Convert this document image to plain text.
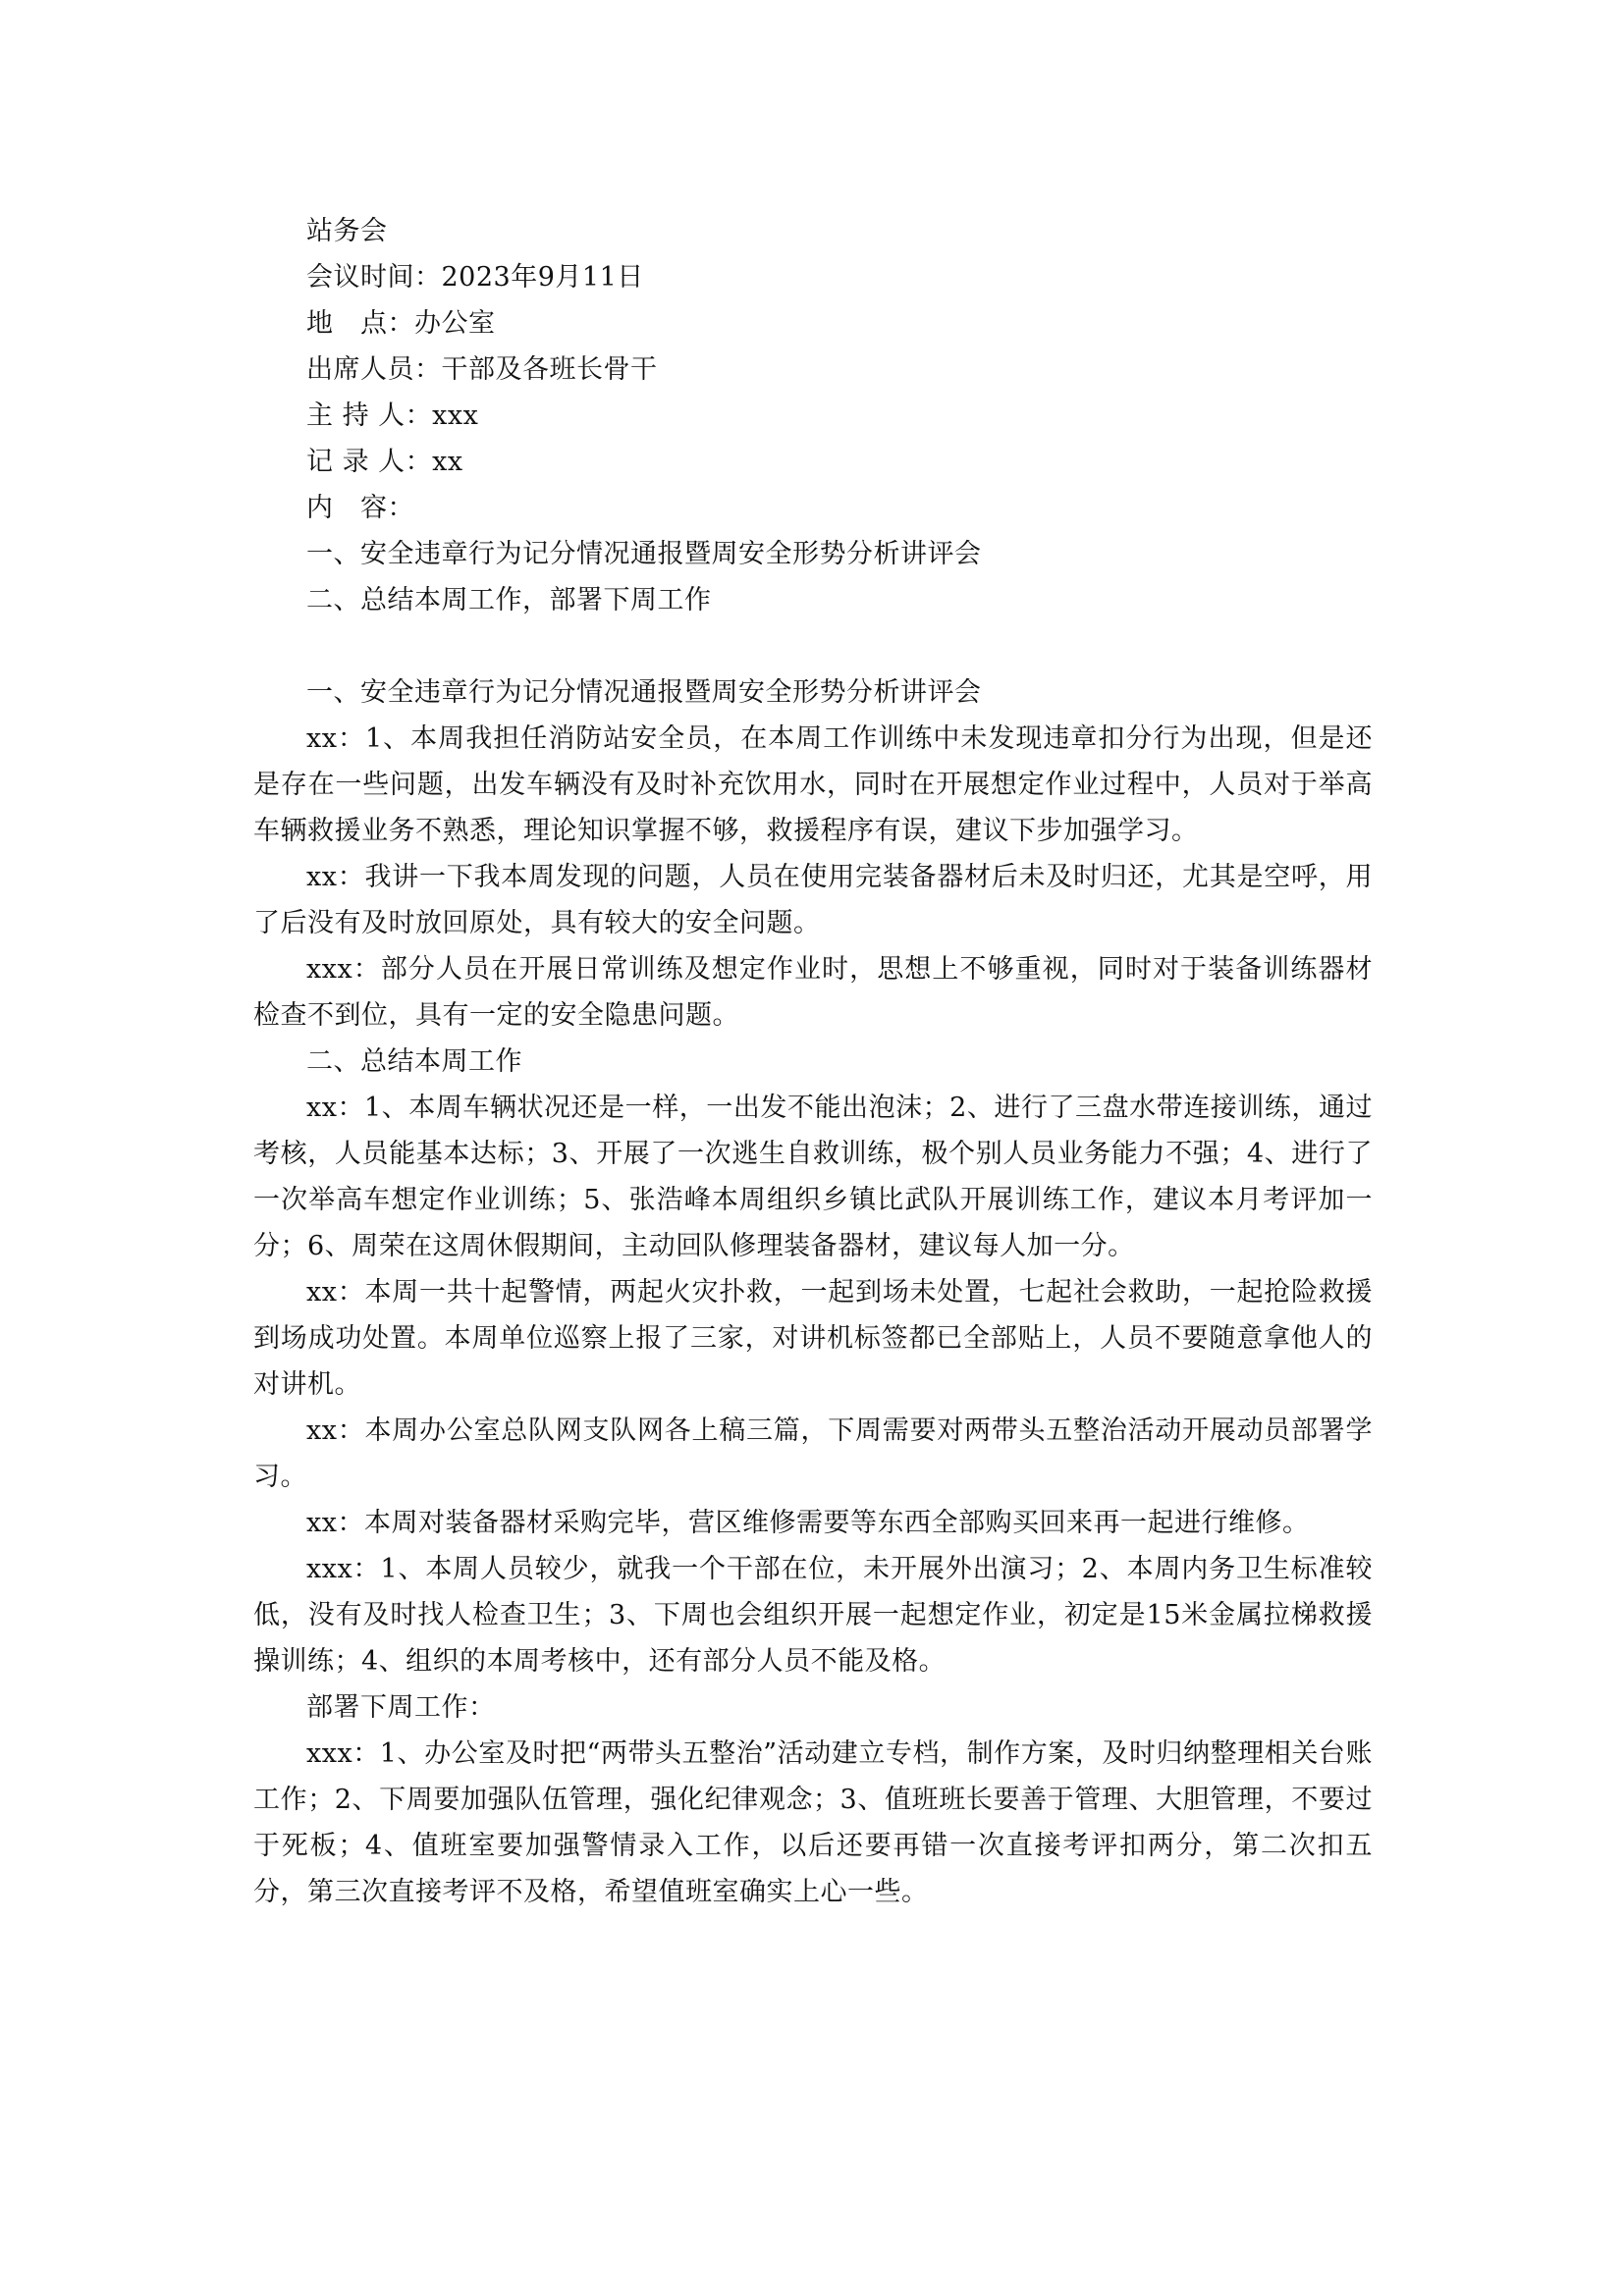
站务会

会议时间：2023年9月11日

地　点：办公室

出席人员：干部及各班长骨干

主 持 人：xxx

记 录 人：xx

内　容：

一、安全违章行为记分情况通报暨周安全形势分析讲评会

二、总结本周工作，部署下周工作

一、安全违章行为记分情况通报暨周安全形势分析讲评会

xx：1、本周我担任消防站安全员，在本周工作训练中未发现违章扣分行为出现，但是还是存在一些问题，出发车辆没有及时补充饮用水，同时在开展想定作业过程中，人员对于举高车辆救援业务不熟悉，理论知识掌握不够，救援程序有误，建议下步加强学习。

xx：我讲一下我本周发现的问题，人员在使用完装备器材后未及时归还，尤其是空呼，用了后没有及时放回原处，具有较大的安全问题。

xxx：部分人员在开展日常训练及想定作业时，思想上不够重视，同时对于装备训练器材检查不到位，具有一定的安全隐患问题。

二、总结本周工作

xx：1、本周车辆状况还是一样，一出发不能出泡沫；2、进行了三盘水带连接训练，通过考核，人员能基本达标；3、开展了一次逃生自救训练，极个别人员业务能力不强；4、进行了一次举高车想定作业训练；5、张浩峰本周组织乡镇比武队开展训练工作，建议本月考评加一分；6、周荣在这周休假期间，主动回队修理装备器材，建议每人加一分。

xx：本周一共十起警情，两起火灾扑救，一起到场未处置，七起社会救助，一起抢险救援到场成功处置。本周单位巡察上报了三家，对讲机标签都已全部贴上，人员不要随意拿他人的对讲机。

xx：本周办公室总队网支队网各上稿三篇，下周需要对两带头五整治活动开展动员部署学习。

xx：本周对装备器材采购完毕，营区维修需要等东西全部购买回来再一起进行维修。

xxx：1、本周人员较少，就我一个干部在位，未开展外出演习；2、本周内务卫生标准较低，没有及时找人检查卫生；3、下周也会组织开展一起想定作业，初定是15米金属拉梯救援操训练；4、组织的本周考核中，还有部分人员不能及格。

部署下周工作：

xxx：1、办公室及时把“两带头五整治”活动建立专档，制作方案，及时归纳整理相关台账工作；2、下周要加强队伍管理，强化纪律观念；3、值班班长要善于管理、大胆管理，不要过于死板；4、值班室要加强警情录入工作，以后还要再错一次直接考评扣两分，第二次扣五分，第三次直接考评不及格，希望值班室确实上心一些。
